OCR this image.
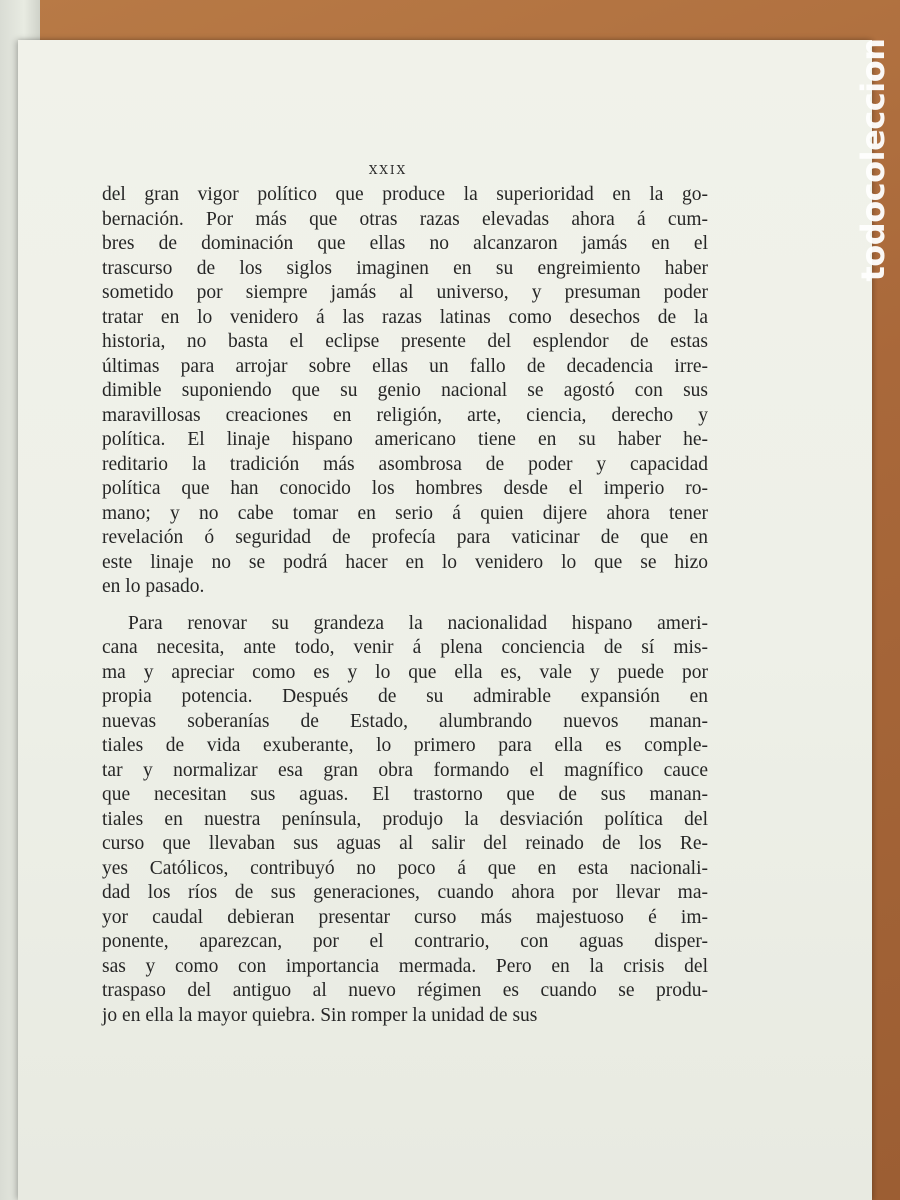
XXIX
del gran vigor político que produce la superioridad en la go-
bernación. Por más que otras razas elevadas ahora á cum-
bres de dominación que ellas no alcanzaron jamás en el
trascurso de los siglos imaginen en su engreimiento haber
sometido por siempre jamás al universo, y presuman poder
tratar en lo venidero á las razas latinas como desechos de la
historia, no basta el eclipse presente del esplendor de estas
últimas para arrojar sobre ellas un fallo de decadencia irre-
dimible suponiendo que su genio nacional se agostó con sus
maravillosas creaciones en religión, arte, ciencia, derecho y
política. El linaje hispano americano tiene en su haber he-
reditario la tradición más asombrosa de poder y capacidad
política que han conocido los hombres desde el imperio ro-
mano; y no cabe tomar en serio á quien dijere ahora tener
revelación ó seguridad de profecía para vaticinar de que en
este linaje no se podrá hacer en lo venidero lo que se hizo
en lo pasado.
Para renovar su grandeza la nacionalidad hispano ameri-
cana necesita, ante todo, venir á plena conciencia de sí mis-
ma y apreciar como es y lo que ella es, vale y puede por
propia potencia. Después de su admirable expansión en
nuevas soberanías de Estado, alumbrando nuevos manan-
tiales de vida exuberante, lo primero para ella es comple-
tar y normalizar esa gran obra formando el magnífico cauce
que necesitan sus aguas. El trastorno que de sus manan-
tiales en nuestra península, produjo la desviación política del
curso que llevaban sus aguas al salir del reinado de los Re-
yes Católicos, contribuyó no poco á que en esta nacionali-
dad los ríos de sus generaciones, cuando ahora por llevar ma-
yor caudal debieran presentar curso más majestuoso é im-
ponente, aparezcan, por el contrario, con aguas disper-
sas y como con importancia mermada. Pero en la crisis del
traspaso del antiguo al nuevo régimen es cuando se produ-
jo en ella la mayor quiebra. Sin romper la unidad de sus
todocoleccion
